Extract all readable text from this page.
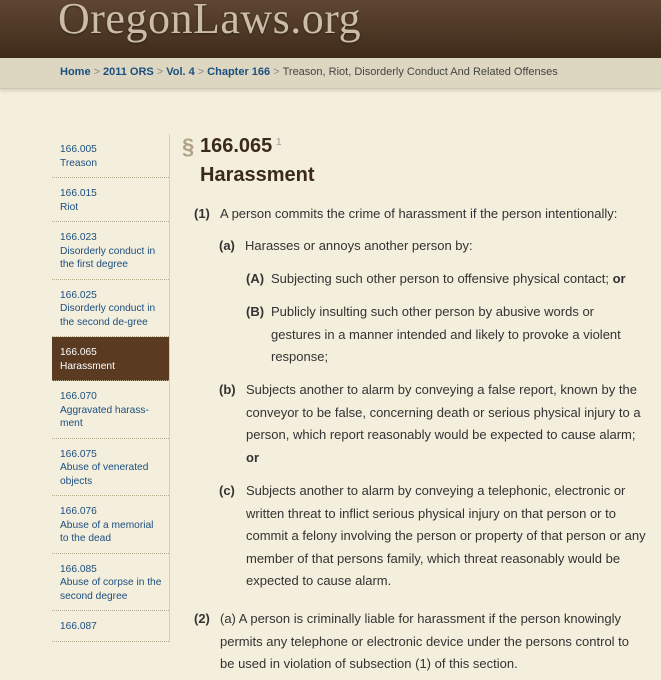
OregonLaws.org
Home > 2011 ORS > Vol. 4 > Chapter 166 > Treason, Riot, Disorderly Conduct And Related Offenses
166.005
Treason
166.015
Riot
166.023
Disorderly conduct in the first degree
166.025
Disorderly conduct in the second de-gree
166.065
Harassment
166.070
Aggravated harass-ment
166.075
Abuse of venerated objects
166.076
Abuse of a memorial to the dead
166.085
Abuse of corpse in the second degree
166.087
§ 166.065 1
Harassment
(1) A person commits the crime of harassment if the person intentionally:
(a) Harasses or annoys another person by:
(A) Subjecting such other person to offensive physical contact; or
(B) Publicly insulting such other person by abusive words or
gestures in a manner intended and likely to provoke a violent
response;
(b) Subjects another to alarm by conveying a false report, known by the
conveyor to be false, concerning death or serious physical injury to a
person, which report reasonably would be expected to cause alarm;
or
(c) Subjects another to alarm by conveying a telephonic, electronic or
written threat to inflict serious physical injury on that person or to
commit a felony involving the person or property of that person or any
member of that persons family, which threat reasonably would be
expected to cause alarm.
(2) (a) A person is criminally liable for harassment if the person knowingly
permits any telephone or electronic device under the persons control to
be used in violation of subsection (1) of this section.
